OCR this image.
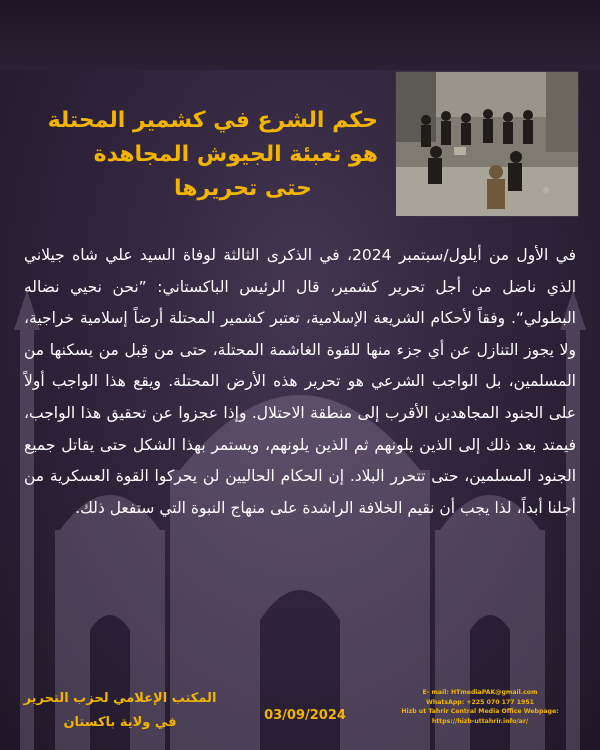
حكم الشرع في كشمير المحتلة
هو تعبئة الجيوش المجاهدة
حتى تحريرها
في الأول من أيلول/سبتمبر 2024، في الذكرى الثالثة لوفاة السيد علي شاه جيلاني الذي ناضل من أجل تحرير كشمير، قال الرئيس الباكستاني: ”نحن نحيي نضاله البطولي“. وفقاً لأحكام الشريعة الإسلامية، تعتبر كشمير المحتلة أرضاً إسلامية خراجية، ولا يجوز التنازل عن أي جزء منها للقوة الغاشمة المحتلة، حتى من قِبل من يسكنها من المسلمين، بل الواجب الشرعي هو تحرير هذه الأرض المحتلة. ويقع هذا الواجب أولاً على الجنود المجاهدين الأقرب إلى منطقة الاحتلال. وإذا عجزوا عن تحقيق هذا الواجب، فيمتد بعد ذلك إلى الذين يلونهم ثم الذين يلونهم، ويستمر بهذا الشكل حتى يقاتل جميع الجنود المسلمين، حتى تتحرر البلاد. إن الحكام الحاليين لن يحركوا القوة العسكرية من أجلنا أبداً، لذا يجب أن نقيم الخلافة الراشدة على منهاج النبوة التي ستفعل ذلك.
المكتب الإعلامي لحزب التحرير
في ولاية باكستان	03/09/2024
E- mail: HTmediaPAK@gmail.com
WhatsApp: +225 070 177 1951
Hizb ut Tahrir Central Media Office Webpage:
https://hizb-uttahrir.info/ar/
